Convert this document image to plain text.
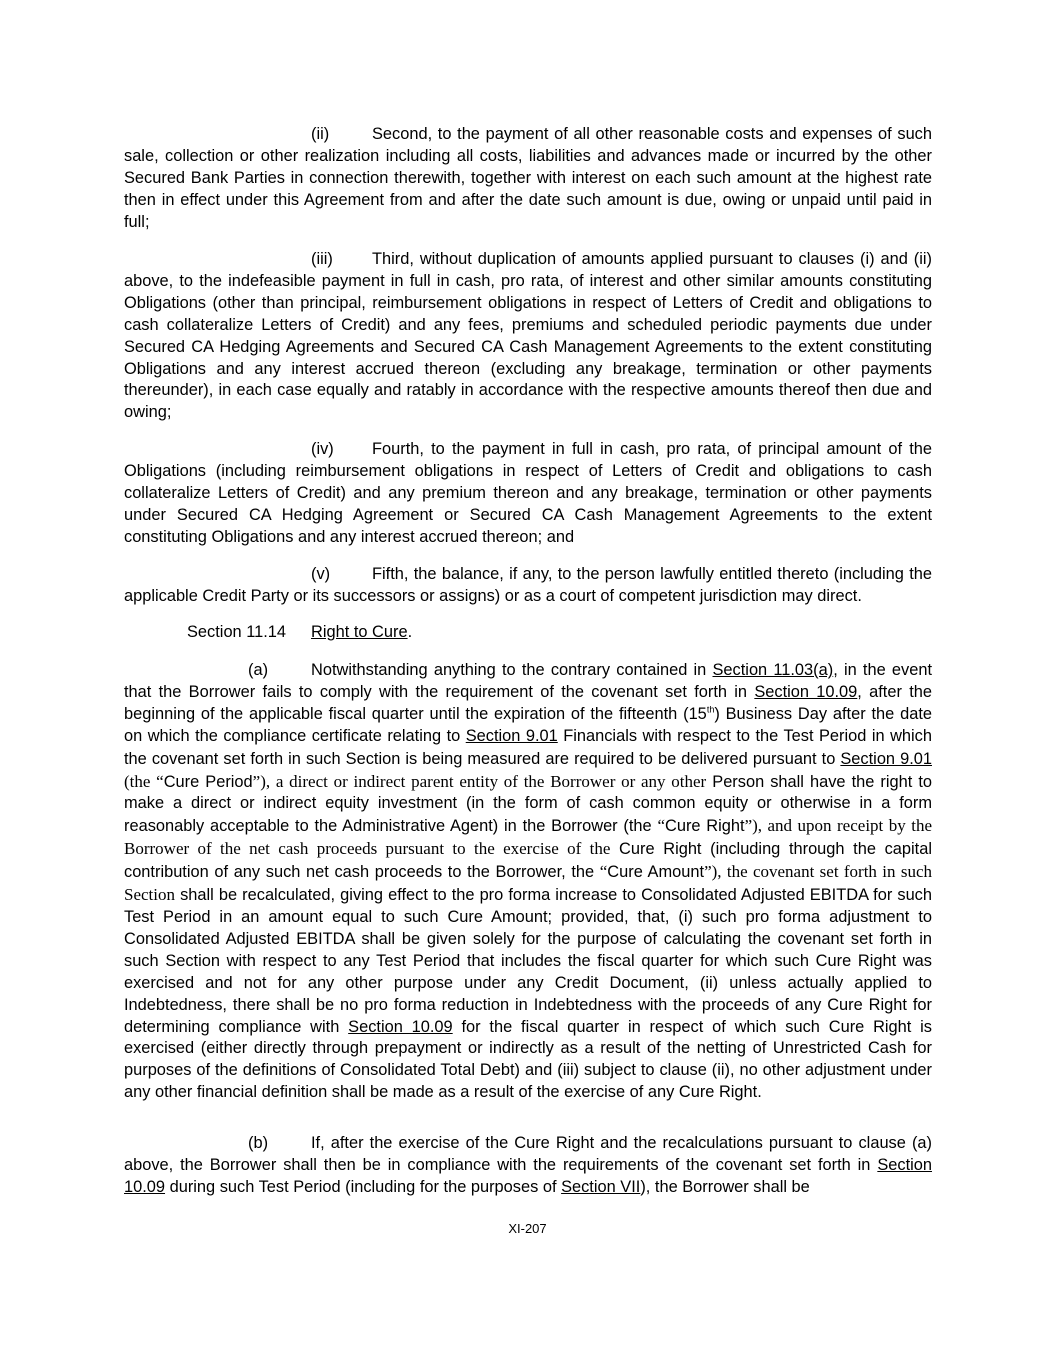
(ii)	Second, to the payment of all other reasonable costs and expenses of such sale, collection or other realization including all costs, liabilities and advances made or incurred by the other Secured Bank Parties in connection therewith, together with interest on each such amount at the highest rate then in effect under this Agreement from and after the date such amount is due, owing or unpaid until paid in full;

(iii) Third, without duplication of amounts applied pursuant to clauses (i) and (ii) above, to the indefeasible payment in full in cash, pro rata, of interest and other similar amounts constituting Obligations (other than principal, reimbursement obligations in respect of Letters of Credit and obligations to cash collateralize Letters of Credit) and any fees, premiums and scheduled periodic payments due under Secured CA Hedging Agreements and Secured CA Cash Management Agreements to the extent constituting Obligations and any interest accrued thereon (excluding any breakage, termination or other payments thereunder), in each case equally and ratably in accordance with the respective amounts thereof then due and owing;

(iv) Fourth, to the payment in full in cash, pro rata, of principal amount of the Obligations (including reimbursement obligations in respect of Letters of Credit and obligations to cash collateralize Letters of Credit) and any premium thereon and any breakage, termination or other payments under Secured CA Hedging Agreement or Secured CA Cash Management Agreements to the extent constituting Obligations and any interest accrued thereon; and

(v)	Fifth, the balance, if any, to the person lawfully entitled thereto (including the applicable Credit Party or its successors or assigns) or as a court of competent jurisdiction may direct.

Section 11.14 Right to Cure.

(a)	Notwithstanding anything to the contrary contained in Section 11.03(a), in the event that the Borrower fails to comply with the requirement of the covenant set forth in Section 10.09, after the beginning of the applicable fiscal quarter until the expiration of the fifteenth (15th) Business Day after the date on which the compliance certificate relating to Section 9.01 Financials with respect to the Test Period in which the covenant set forth in such Section is being measured are required to be delivered pursuant to Section 9.01 (the “Cure Period”), a direct or indirect parent entity of the Borrower or any other Person shall have the right to make a direct or indirect equity investment (in the form of cash common equity or otherwise in a form reasonably acceptable to the Administrative Agent) in the Borrower (the “Cure Right”), and upon receipt by the Borrower of the net cash proceeds pursuant to the exercise of the Cure Right (including through the capital contribution of any such net cash proceeds to the Borrower, the “Cure Amount”), the covenant set forth in such Section shall be recalculated, giving effect to the pro forma increase to Consolidated Adjusted EBITDA for such Test Period in an amount equal to such Cure Amount; provided, that, (i) such pro forma adjustment to Consolidated Adjusted EBITDA shall be given solely for the purpose of calculating the covenant set forth in such Section with respect to any Test Period that includes the fiscal quarter for which such Cure Right was exercised and not for any other purpose under any Credit Document, (ii) unless actually applied to Indebtedness, there shall be no pro forma reduction in Indebtedness with the proceeds of any Cure Right for determining compliance with Section 10.09 for the fiscal quarter in respect of which such Cure Right is exercised (either directly through prepayment or indirectly as a result of the netting of Unrestricted Cash for purposes of the definitions of Consolidated Total Debt) and (iii) subject to clause (ii), no other adjustment under any other financial definition shall be made as a result of the exercise of any Cure Right.

(b)	If, after the exercise of the Cure Right and the recalculations pursuant to clause (a) above, the Borrower shall then be in compliance with the requirements of the covenant set forth in Section 10.09 during such Test Period (including for the purposes of Section VII), the Borrower shall be

XI-207
